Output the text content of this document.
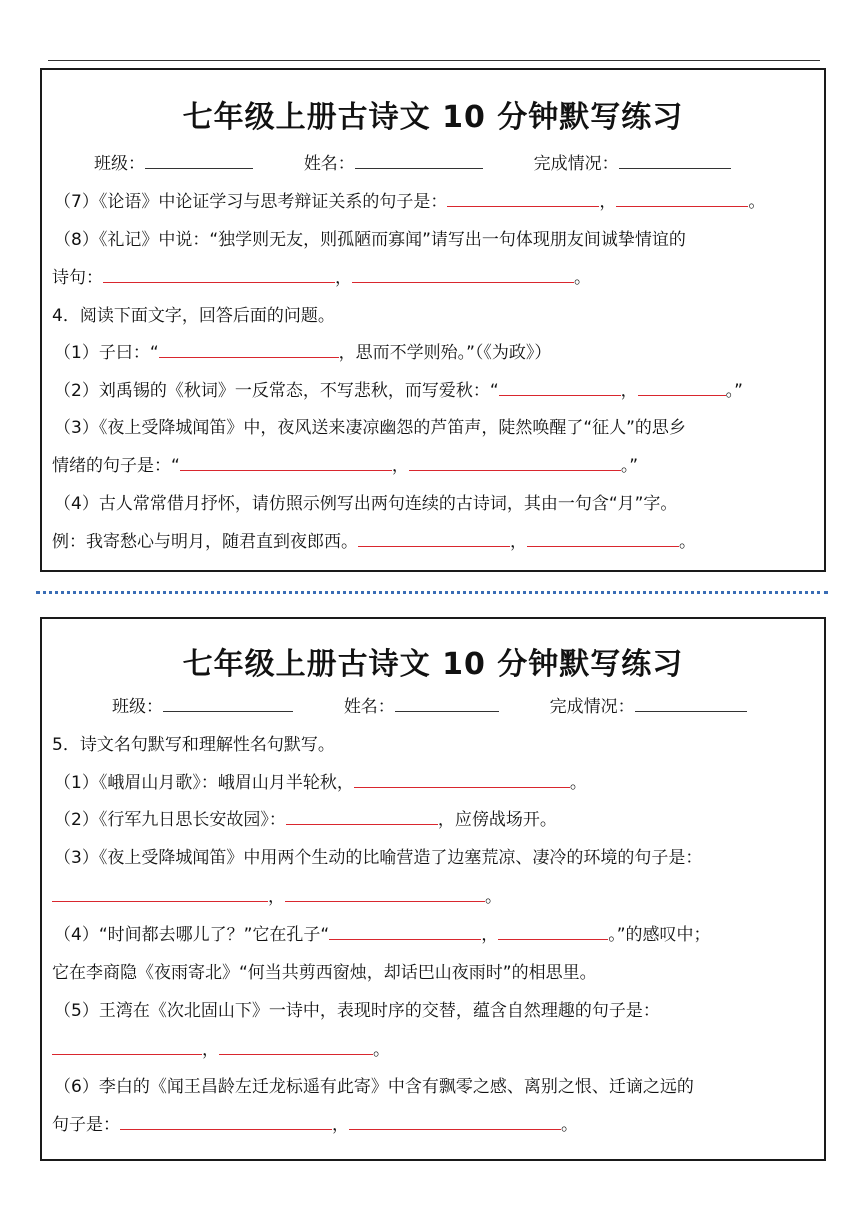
七年级上册古诗文 10 分钟默写练习
班级：	姓名：	完成情况：
（7）《论语》中论证学习与思考辩证关系的句子是：	，	。
（8）《礼记》中说：“独学则无友，则孤陋而寡闻”请写出一句体现朋友间诚挚情谊的
诗句：	，	。
4．阅读下面文字，回答后面的问题。
（1）子曰：“	，思而不学则殆。”（《为政》）
（2）刘禹锡的《秋词》一反常态，不写悲秋，而写爱秋：“	，	。”
（3）《夜上受降城闻笛》中，夜风送来凄凉幽怨的芦笛声，陡然唤醒了“征人”的思乡
情绪的句子是：“	，	。”
（4）古人常常借月抒怀，请仿照示例写出两句连续的古诗词，其由一句含“月”字。
例：我寄愁心与明月，随君直到夜郎西。	，	。
七年级上册古诗文 10 分钟默写练习
班级：	姓名：	完成情况：
5．诗文名句默写和理解性名句默写。
（1）《峨眉山月歌》：峨眉山月半轮秋，	。
（2）《行军九日思长安故园》：	，应傍战场开。
（3）《夜上受降城闻笛》中用两个生动的比喻营造了边塞荒凉、凄冷的环境的句子是：
，	。
（4）“时间都去哪儿了？”它在孔子“	，	。”的感叹中；
它在李商隐《夜雨寄北》“何当共剪西窗烛，却话巴山夜雨时”的相思里。
（5）王湾在《次北固山下》一诗中，表现时序的交替，蕴含自然理趣的句子是：
，	。
（6）李白的《闻王昌龄左迁龙标遥有此寄》中含有飘零之感、离别之恨、迁谪之远的
句子是：	，	。
